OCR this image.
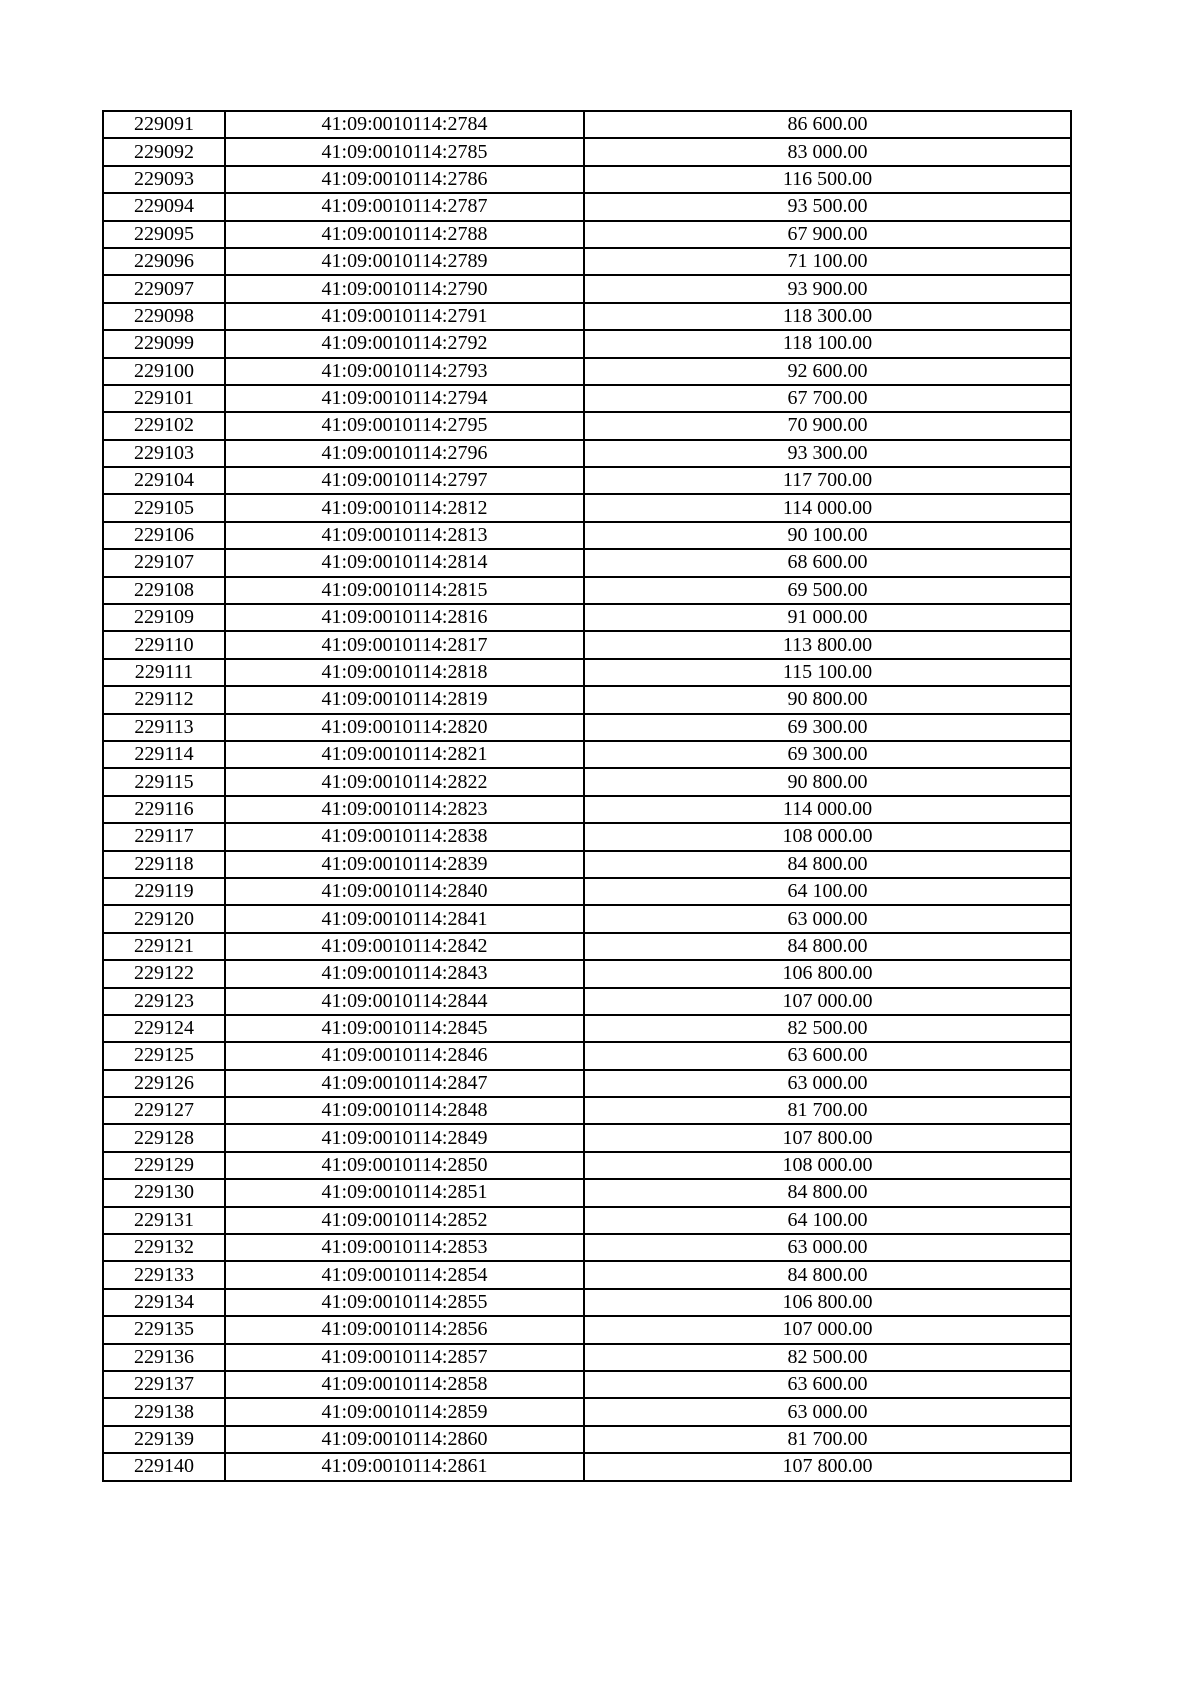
229091	41:09:0010114:2784	86 600.00
229092	41:09:0010114:2785	83 000.00
229093	41:09:0010114:2786	116 500.00
229094	41:09:0010114:2787	93 500.00
229095	41:09:0010114:2788	67 900.00
229096	41:09:0010114:2789	71 100.00
229097	41:09:0010114:2790	93 900.00
229098	41:09:0010114:2791	118 300.00
229099	41:09:0010114:2792	118 100.00
229100	41:09:0010114:2793	92 600.00
229101	41:09:0010114:2794	67 700.00
229102	41:09:0010114:2795	70 900.00
229103	41:09:0010114:2796	93 300.00
229104	41:09:0010114:2797	117 700.00
229105	41:09:0010114:2812	114 000.00
229106	41:09:0010114:2813	90 100.00
229107	41:09:0010114:2814	68 600.00
229108	41:09:0010114:2815	69 500.00
229109	41:09:0010114:2816	91 000.00
229110	41:09:0010114:2817	113 800.00
229111	41:09:0010114:2818	115 100.00
229112	41:09:0010114:2819	90 800.00
229113	41:09:0010114:2820	69 300.00
229114	41:09:0010114:2821	69 300.00
229115	41:09:0010114:2822	90 800.00
229116	41:09:0010114:2823	114 000.00
229117	41:09:0010114:2838	108 000.00
229118	41:09:0010114:2839	84 800.00
229119	41:09:0010114:2840	64 100.00
229120	41:09:0010114:2841	63 000.00
229121	41:09:0010114:2842	84 800.00
229122	41:09:0010114:2843	106 800.00
229123	41:09:0010114:2844	107 000.00
229124	41:09:0010114:2845	82 500.00
229125	41:09:0010114:2846	63 600.00
229126	41:09:0010114:2847	63 000.00
229127	41:09:0010114:2848	81 700.00
229128	41:09:0010114:2849	107 800.00
229129	41:09:0010114:2850	108 000.00
229130	41:09:0010114:2851	84 800.00
229131	41:09:0010114:2852	64 100.00
229132	41:09:0010114:2853	63 000.00
229133	41:09:0010114:2854	84 800.00
229134	41:09:0010114:2855	106 800.00
229135	41:09:0010114:2856	107 000.00
229136	41:09:0010114:2857	82 500.00
229137	41:09:0010114:2858	63 600.00
229138	41:09:0010114:2859	63 000.00
229139	41:09:0010114:2860	81 700.00
229140	41:09:0010114:2861	107 800.00
